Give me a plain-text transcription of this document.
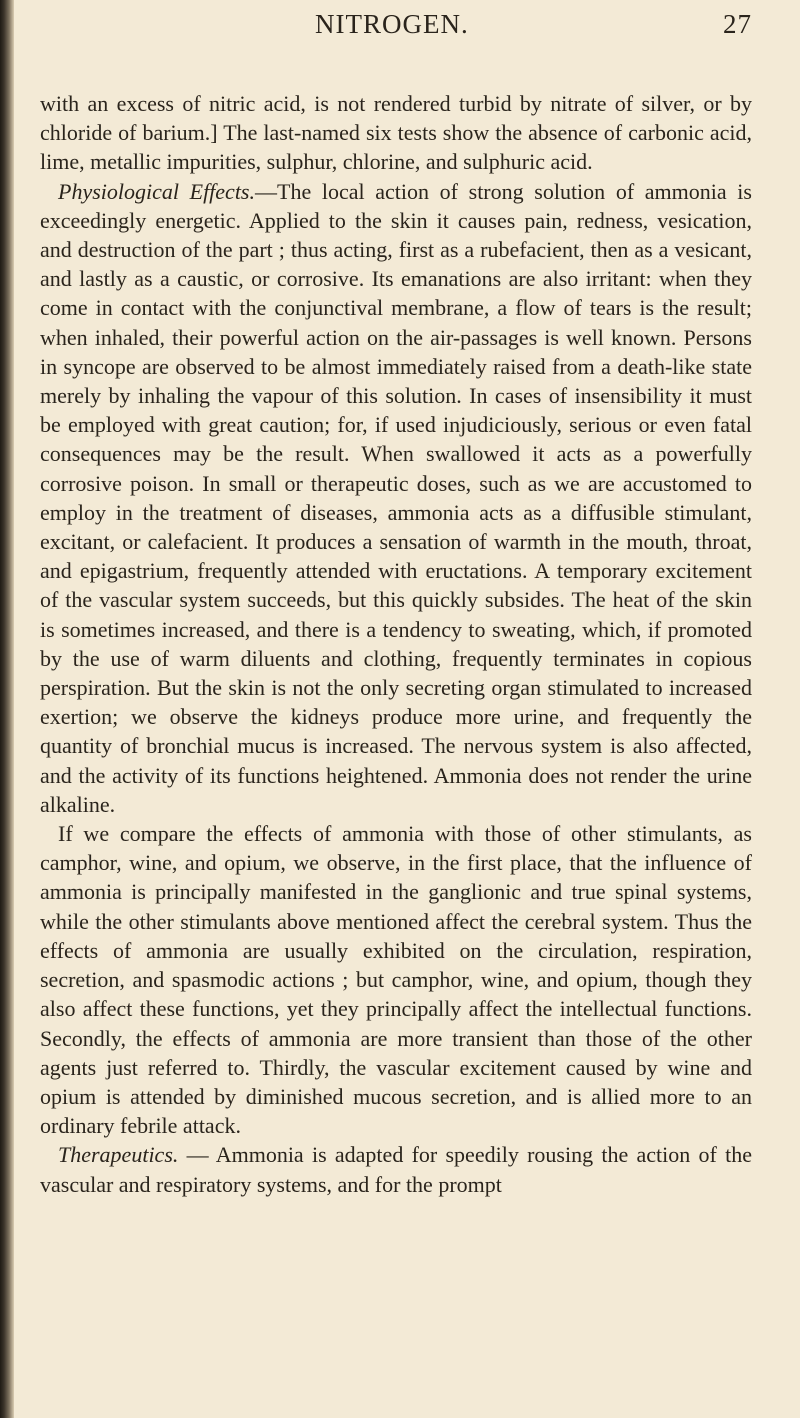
NITROGEN.	27

with an excess of nitric acid, is not rendered turbid by nitrate of silver, or by chloride of barium.] The last-named six tests show the absence of carbonic acid, lime, metallic impurities, sulphur, chlorine, and sulphuric acid.

Physiological Effects.—The local action of strong solution of ammonia is exceedingly energetic. Applied to the skin it causes pain, redness, vesication, and destruction of the part ; thus acting, first as a rubefacient, then as a vesicant, and lastly as a caustic, or corrosive. Its emanations are also irritant: when they come in contact with the conjunctival membrane, a flow of tears is the result; when inhaled, their powerful action on the air-passages is well known. Persons in syncope are observed to be almost immediately raised from a death-like state merely by inhaling the vapour of this solution. In cases of insensibility it must be employed with great caution; for, if used injudiciously, serious or even fatal consequences may be the result. When swallowed it acts as a powerfully corrosive poison. In small or therapeutic doses, such as we are accustomed to employ in the treatment of diseases, ammonia acts as a diffusible stimulant, excitant, or calefacient. It produces a sensation of warmth in the mouth, throat, and epigastrium, frequently attended with eructations. A temporary excitement of the vascular system succeeds, but this quickly subsides. The heat of the skin is sometimes increased, and there is a tendency to sweating, which, if promoted by the use of warm diluents and clothing, frequently terminates in copious perspiration. But the skin is not the only secreting organ stimulated to increased exertion; we observe the kidneys produce more urine, and frequently the quantity of bronchial mucus is increased. The nervous system is also affected, and the activity of its functions heightened. Ammonia does not render the urine alkaline.

If we compare the effects of ammonia with those of other stimulants, as camphor, wine, and opium, we observe, in the first place, that the influence of ammonia is principally manifested in the ganglionic and true spinal systems, while the other stimulants above mentioned affect the cerebral system. Thus the effects of ammonia are usually exhibited on the circulation, respiration, secretion, and spasmodic actions ; but camphor, wine, and opium, though they also affect these functions, yet they principally affect the intellectual functions. Secondly, the effects of ammonia are more transient than those of the other agents just referred to. Thirdly, the vascular excitement caused by wine and opium is attended by diminished mucous secretion, and is allied more to an ordinary febrile attack.

Therapeutics. — Ammonia is adapted for speedily rousing the action of the vascular and respiratory systems, and for the prompt
